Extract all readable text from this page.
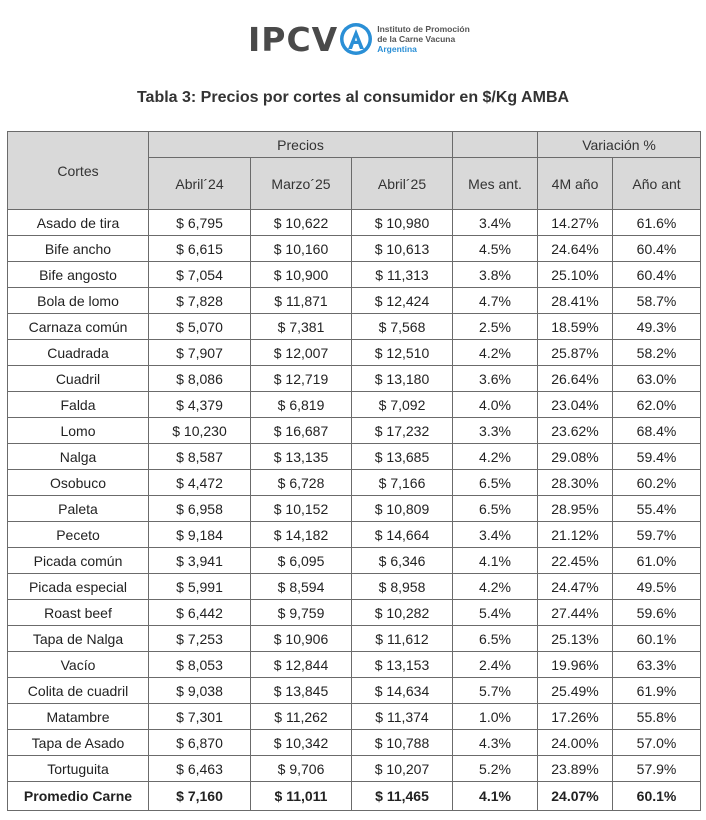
IPCV	Instituto de Promoción
de la Carne Vacuna
Argentina
Tabla 3: Precios por cortes al consumidor en $/Kg AMBA
Cortes	Precios				Variación %	
	Abril´24	Marzo´25	Abril´25	Mes ant.	4M año	Año ant
Asado de tira	$ 6,795	$ 10,622	$ 10,980	3.4%	14.27%	61.6%
Bife ancho	$ 6,615	$ 10,160	$ 10,613	4.5%	24.64%	60.4%
Bife angosto	$ 7,054	$ 10,900	$ 11,313	3.8%	25.10%	60.4%
Bola de lomo	$ 7,828	$ 11,871	$ 12,424	4.7%	28.41%	58.7%
Carnaza común	$ 5,070	$ 7,381	$ 7,568	2.5%	18.59%	49.3%
Cuadrada	$ 7,907	$ 12,007	$ 12,510	4.2%	25.87%	58.2%
Cuadril	$ 8,086	$ 12,719	$ 13,180	3.6%	26.64%	63.0%
Falda	$ 4,379	$ 6,819	$ 7,092	4.0%	23.04%	62.0%
Lomo	$ 10,230	$ 16,687	$ 17,232	3.3%	23.62%	68.4%
Nalga	$ 8,587	$ 13,135	$ 13,685	4.2%	29.08%	59.4%
Osobuco	$ 4,472	$ 6,728	$ 7,166	6.5%	28.30%	60.2%
Paleta	$ 6,958	$ 10,152	$ 10,809	6.5%	28.95%	55.4%
Peceto	$ 9,184	$ 14,182	$ 14,664	3.4%	21.12%	59.7%
Picada común	$ 3,941	$ 6,095	$ 6,346	4.1%	22.45%	61.0%
Picada especial	$ 5,991	$ 8,594	$ 8,958	4.2%	24.47%	49.5%
Roast beef	$ 6,442	$ 9,759	$ 10,282	5.4%	27.44%	59.6%
Tapa de Nalga	$ 7,253	$ 10,906	$ 11,612	6.5%	25.13%	60.1%
Vacío	$ 8,053	$ 12,844	$ 13,153	2.4%	19.96%	63.3%
Colita de cuadril	$ 9,038	$ 13,845	$ 14,634	5.7%	25.49%	61.9%
Matambre	$ 7,301	$ 11,262	$ 11,374	1.0%	17.26%	55.8%
Tapa de Asado	$ 6,870	$ 10,342	$ 10,788	4.3%	24.00%	57.0%
Tortuguita	$ 6,463	$ 9,706	$ 10,207	5.2%	23.89%	57.9%
Promedio Carne	$ 7,160	$ 11,011	$ 11,465	4.1%	24.07%	60.1%
